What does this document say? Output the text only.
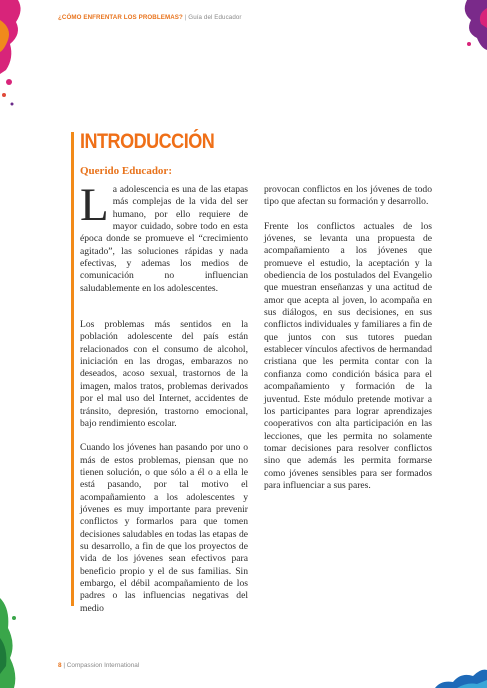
¿CÓMO ENFRENTAR LOS PROBLEMAS? | Guía del Educador
INTRODUCCIÓN
Querido Educador:

La adolescencia es una de las etapas más complejas de la vida del ser humano, por ello requiere de mayor cuidado, sobre todo en esta época donde se promueve el “crecimiento agitado”, las soluciones rápidas y nada efectivas, y ademas los medios de comunicación no influencian saludablemente en los adolescentes.

Los problemas más sentidos en la población adolescente del país están relacionados con el consumo de alcohol, iniciación en las drogas, embarazos no deseados, acoso sexual, trastornos de la imagen, malos tratos, problemas derivados por el mal uso del Internet, accidentes de tránsito, depresión, trastorno emocional, bajo rendimiento escolar.

Cuando los jóvenes han pasando por uno o más de estos problemas, piensan que no tienen solución, o que sólo a él o a ella le está pasando, por tal motivo el acompañamiento a los adolescentes y jóvenes es muy importante para prevenir conflictos y formarlos para que tomen decisiones saludables en todas las etapas de su desarrollo, a fin de que los proyectos de vida de los jóvenes sean efectivos para beneficio propio y el de sus familias. Sin embargo, el débil acompañamiento de los padres o las influencias negativas del medio

provocan conflictos en los jóvenes de todo tipo que afectan su formación y desarrollo.

Frente los conflictos actuales de los jóvenes, se levanta una propuesta de acompañamiento a los jóvenes que promueve el estudio, la aceptación y la obediencia de los postulados del Evangelio que muestran enseñanzas y una actitud de amor que acepta al joven, lo acompaña en sus diálogos, en sus decisiones, en sus conflictos individuales y familiares a fin de que juntos con sus tutores puedan establecer vínculos afectivos de hermandad cristiana que les permita contar con la confianza como condición básica para el acompañamiento y formación de la juventud. Este módulo pretende motivar a los participantes para lograr aprendizajes cooperativos con alta participación en las lecciones, que les permita no solamente tomar decisiones para resolver conflictos sino que además les permita formarse como jóvenes sensibles para ser formados para influenciar a sus pares.

8 | Compassion International
